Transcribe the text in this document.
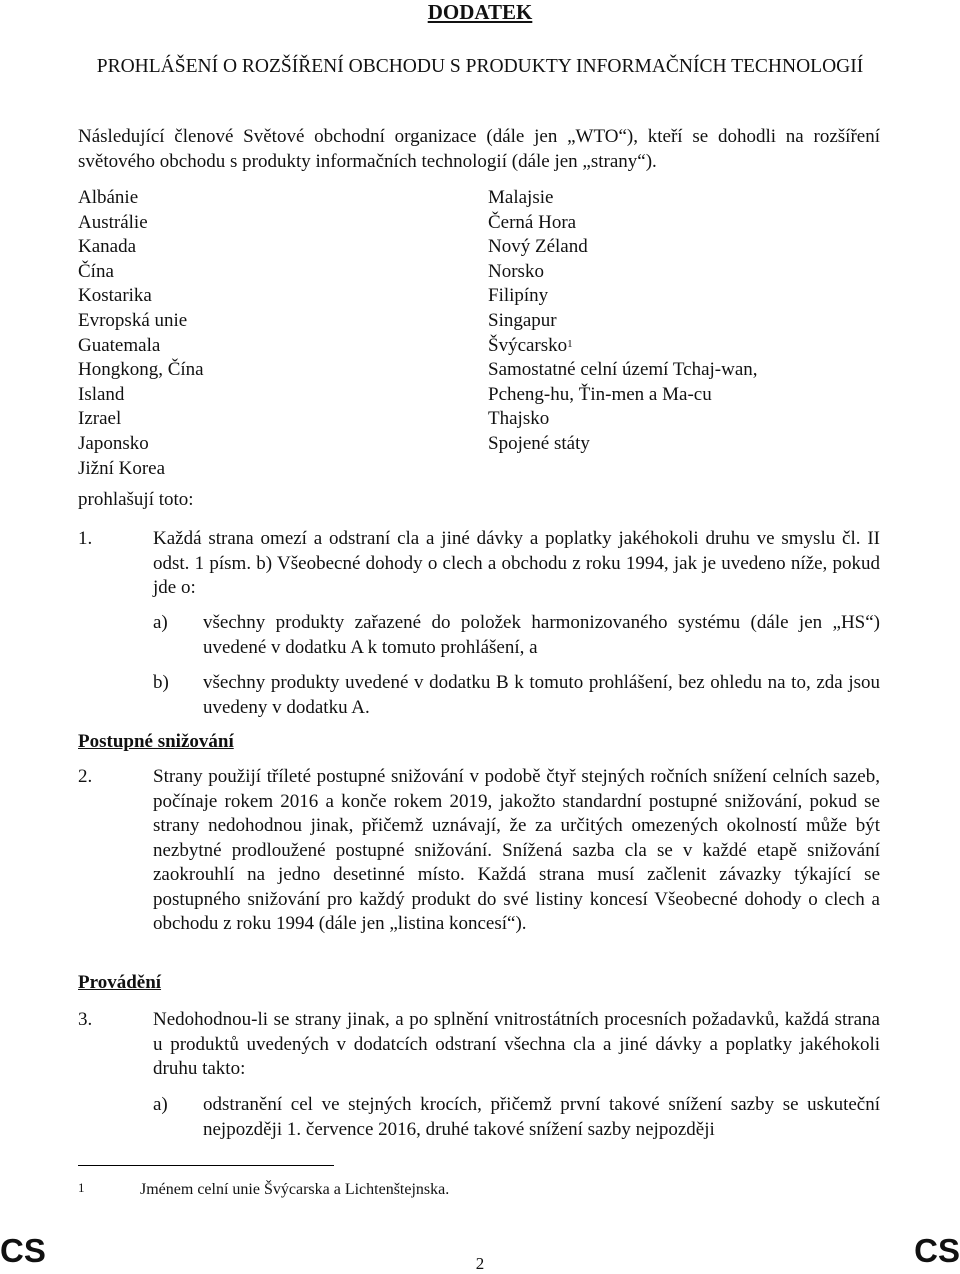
DODATEK
PROHLÁŠENÍ O ROZŠÍŘENÍ OBCHODU S PRODUKTY INFORMAČNÍCH TECHNOLOGIÍ
Následující členové Světové obchodní organizace (dále jen „WTO“), kteří se dohodli na rozšíření světového obchodu s produkty informačních technologií (dále jen „strany“).
Albánie
Austrálie
Kanada
Čína
Kostarika
Evropská unie
Guatemala
Hongkong, Čína
Island
Izrael
Japonsko
Jižní Korea
Malajsie
Černá Hora
Nový Zéland
Norsko
Filipíny
Singapur
Švýcarsko$^1$
Samostatné celní území Tchaj-wan,
Pcheng-hu, Ťin-men a Ma-cu
Thajsko
Spojené státy
prohlašují toto:
1.	Každá strana omezí a odstraní cla a jiné dávky a poplatky jakéhokoli druhu ve smyslu čl. II odst. 1 písm. b) Všeobecné dohody o clech a obchodu z roku 1994, jak je uvedeno níže, pokud jde o:
a) všechny produkty zařazené do položek harmonizovaného systému (dále jen „HS“) uvedené v dodatku A k tomuto prohlášení, a
b) všechny produkty uvedené v dodatku B k tomuto prohlášení, bez ohledu na to, zda jsou uvedeny v dodatku A.
Postupné snižování
2.	Strany použijí tříleté postupné snižování v podobě čtyř stejných ročních snížení celních sazeb, počínaje rokem 2016 a konče rokem 2019, jakožto standardní postupné snižování, pokud se strany nedohodnou jinak, přičemž uznávají, že za určitých omezených okolností může být nezbytné prodloužené postupné snižování. Snížená sazba cla se v každé etapě snižování zaokrouhlí na jedno desetinné místo. Každá strana musí začlenit závazky týkající se postupného snižování pro každý produkt do své listiny koncesí Všeobecné dohody o clech a obchodu z roku 1994 (dále jen „listina koncesí“).
Provádění
3.	Nedohodnou-li se strany jinak, a po splnění vnitrostátních procesních požadavků, každá strana u produktů uvedených v dodatcích odstraní všechna cla a jiné dávky a poplatky jakéhokoli druhu takto:
a) odstranění cel ve stejných krocích, přičemž první takové snížení sazby se uskuteční nejpozději 1. července 2016, druhé takové snížení sazby nejpozději
1	Jménem celní unie Švýcarska a Lichtenštejnska.
CS	2	CS
